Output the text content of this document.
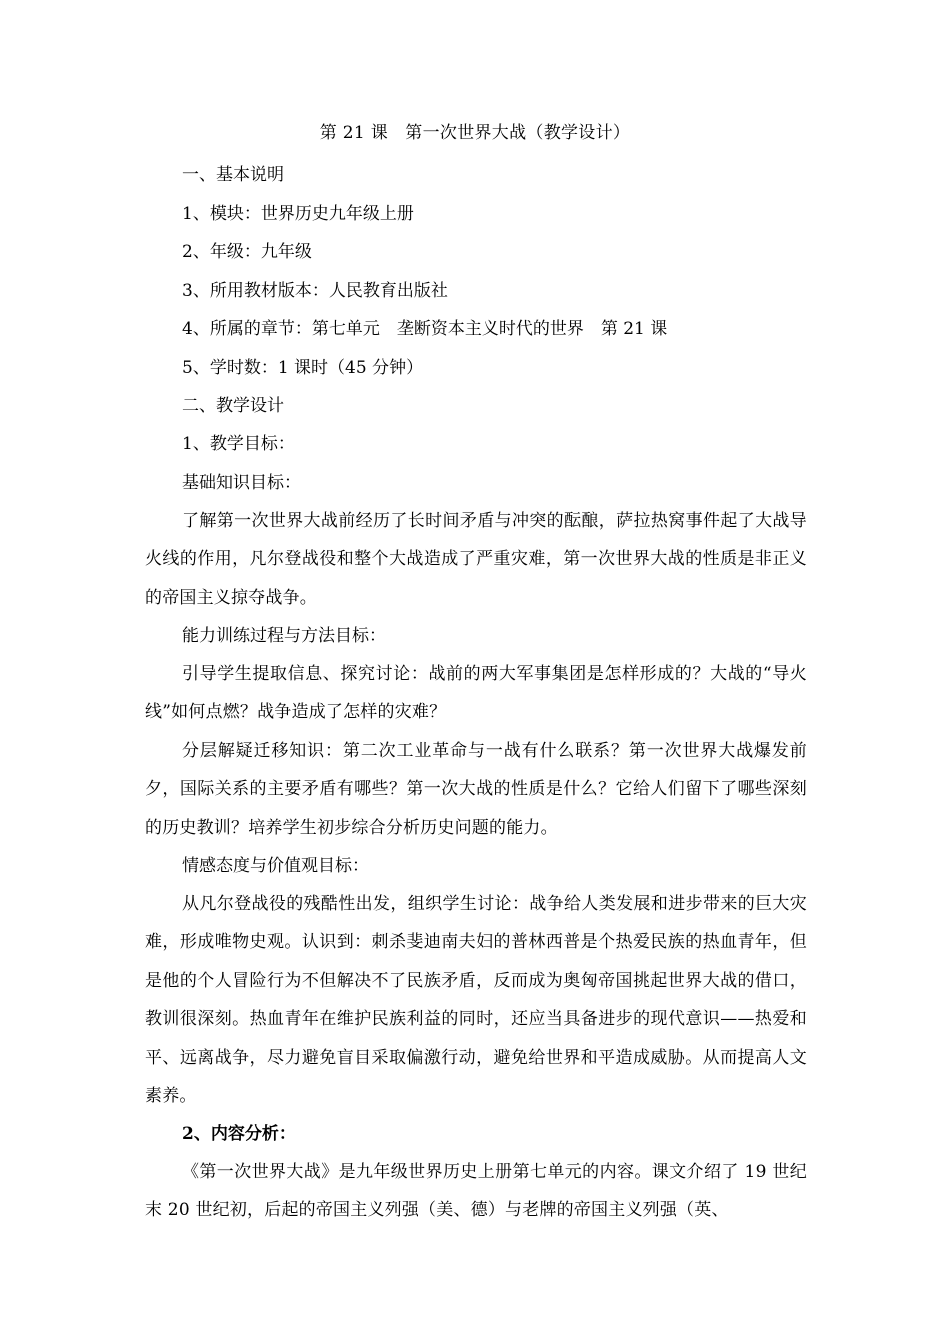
第 21 课　第一次世界大战（教学设计）

一、基本说明

1、模块：世界历史九年级上册

2、年级：九年级

3、所用教材版本：人民教育出版社

4、所属的章节：第七单元　垄断资本主义时代的世界　第 21 课

5、学时数：1 课时（45 分钟）

二、教学设计

1、教学目标：

基础知识目标：

了解第一次世界大战前经历了长时间矛盾与冲突的酝酿，萨拉热窝事件起了大战导火线的作用，凡尔登战役和整个大战造成了严重灾难，第一次世界大战的性质是非正义的帝国主义掠夺战争。

能力训练过程与方法目标：

引导学生提取信息、探究讨论：战前的两大军事集团是怎样形成的？大战的“导火线”如何点燃？战争造成了怎样的灾难？

分层解疑迁移知识：第二次工业革命与一战有什么联系？第一次世界大战爆发前夕，国际关系的主要矛盾有哪些？第一次大战的性质是什么？它给人们留下了哪些深刻的历史教训？培养学生初步综合分析历史问题的能力。

情感态度与价值观目标：

从凡尔登战役的残酷性出发，组织学生讨论：战争给人类发展和进步带来的巨大灾难，形成唯物史观。认识到：刺杀斐迪南夫妇的普林西普是个热爱民族的热血青年，但是他的个人冒险行为不但解决不了民族矛盾，反而成为奥匈帝国挑起世界大战的借口，教训很深刻。热血青年在维护民族利益的同时，还应当具备进步的现代意识——热爱和平、远离战争，尽力避免盲目采取偏激行动，避免给世界和平造成威胁。从而提高人文素养。

2、内容分析：

《第一次世界大战》是九年级世界历史上册第七单元的内容。课文介绍了 19 世纪末 20 世纪初，后起的帝国主义列强（美、德）与老牌的帝国主义列强（英、
